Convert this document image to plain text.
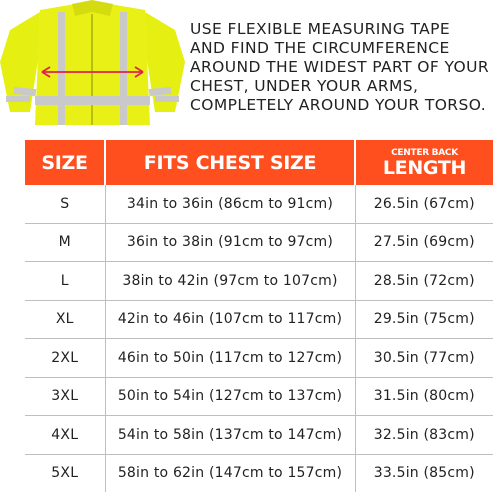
USE FLEXIBLE MEASURING TAPE AND FIND THE CIRCUMFERENCE AROUND THE WIDEST PART OF YOUR CHEST, UNDER YOUR ARMS, COMPLETELY AROUND YOUR TORSO.
SIZE	FITS CHEST SIZE	CENTER BACK
LENGTH

S	34in to 36in (86cm to 91cm)	26.5in (67cm)
M	36in to 38in (91cm to 97cm)	27.5in (69cm)
L	38in to 42in (97cm to 107cm)	28.5in (72cm)
XL	42in to 46in (107cm to 117cm)	29.5in (75cm)
2XL	46in to 50in (117cm to 127cm)	30.5in (77cm)
3XL	50in to 54in (127cm to 137cm)	31.5in (80cm)
4XL	54in to 58in (137cm to 147cm)	32.5in (83cm)
5XL	58in to 62in (147cm to 157cm)	33.5in (85cm)
